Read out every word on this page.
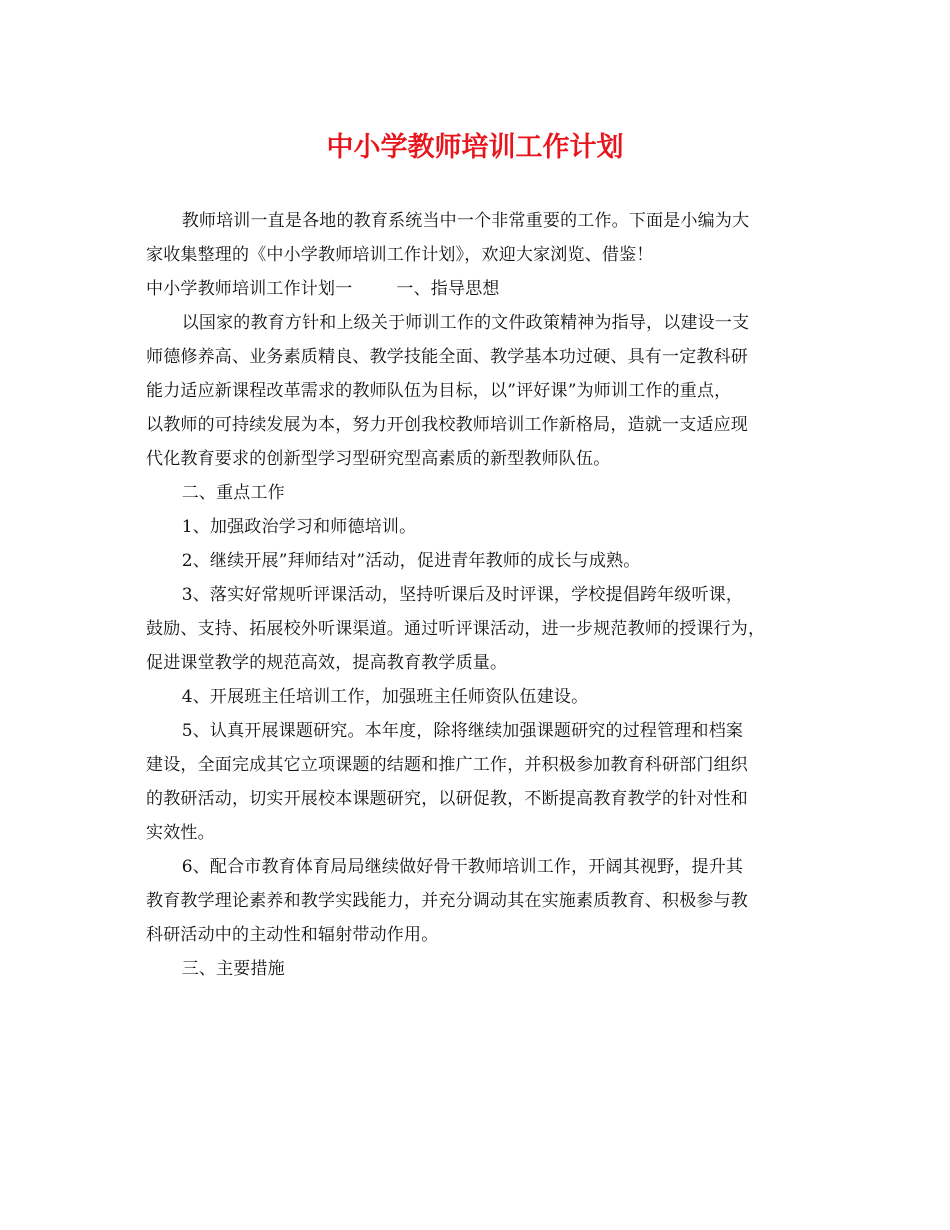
中小学教师培训工作计划

教师培训一直是各地的教育系统当中一个非常重要的工作。下面是小编为大
家收集整理的《中小学教师培训工作计划》，欢迎大家浏览、借鉴！

中小学教师培训工作计划一	一、指导思想

以国家的教育方针和上级关于师训工作的文件政策精神为指导，以建设一支
师德修养高、业务素质精良、教学技能全面、教学基本功过硬、具有一定教科研
能力适应新课程改革需求的教师队伍为目标，以”评好课”为师训工作的重点，
以教师的可持续发展为本，努力开创我校教师培训工作新格局，造就一支适应现
代化教育要求的创新型学习型研究型高素质的新型教师队伍。

二、重点工作

1、加强政治学习和师德培训。

2、继续开展”拜师结对”活动，促进青年教师的成长与成熟。

3、落实好常规听评课活动，坚持听课后及时评课，学校提倡跨年级听课，
鼓励、支持、拓展校外听课渠道。通过听评课活动，进一步规范教师的授课行为，
促进课堂教学的规范高效，提高教育教学质量。

4、开展班主任培训工作，加强班主任师资队伍建设。

5、认真开展课题研究。本年度，除将继续加强课题研究的过程管理和档案
建设，全面完成其它立项课题的结题和推广工作，并积极参加教育科研部门组织
的教研活动，切实开展校本课题研究，以研促教，不断提高教育教学的针对性和
实效性。

6、配合市教育体育局局继续做好骨干教师培训工作，开阔其视野，提升其
教育教学理论素养和教学实践能力，并充分调动其在实施素质教育、积极参与教
科研活动中的主动性和辐射带动作用。

三、主要措施
